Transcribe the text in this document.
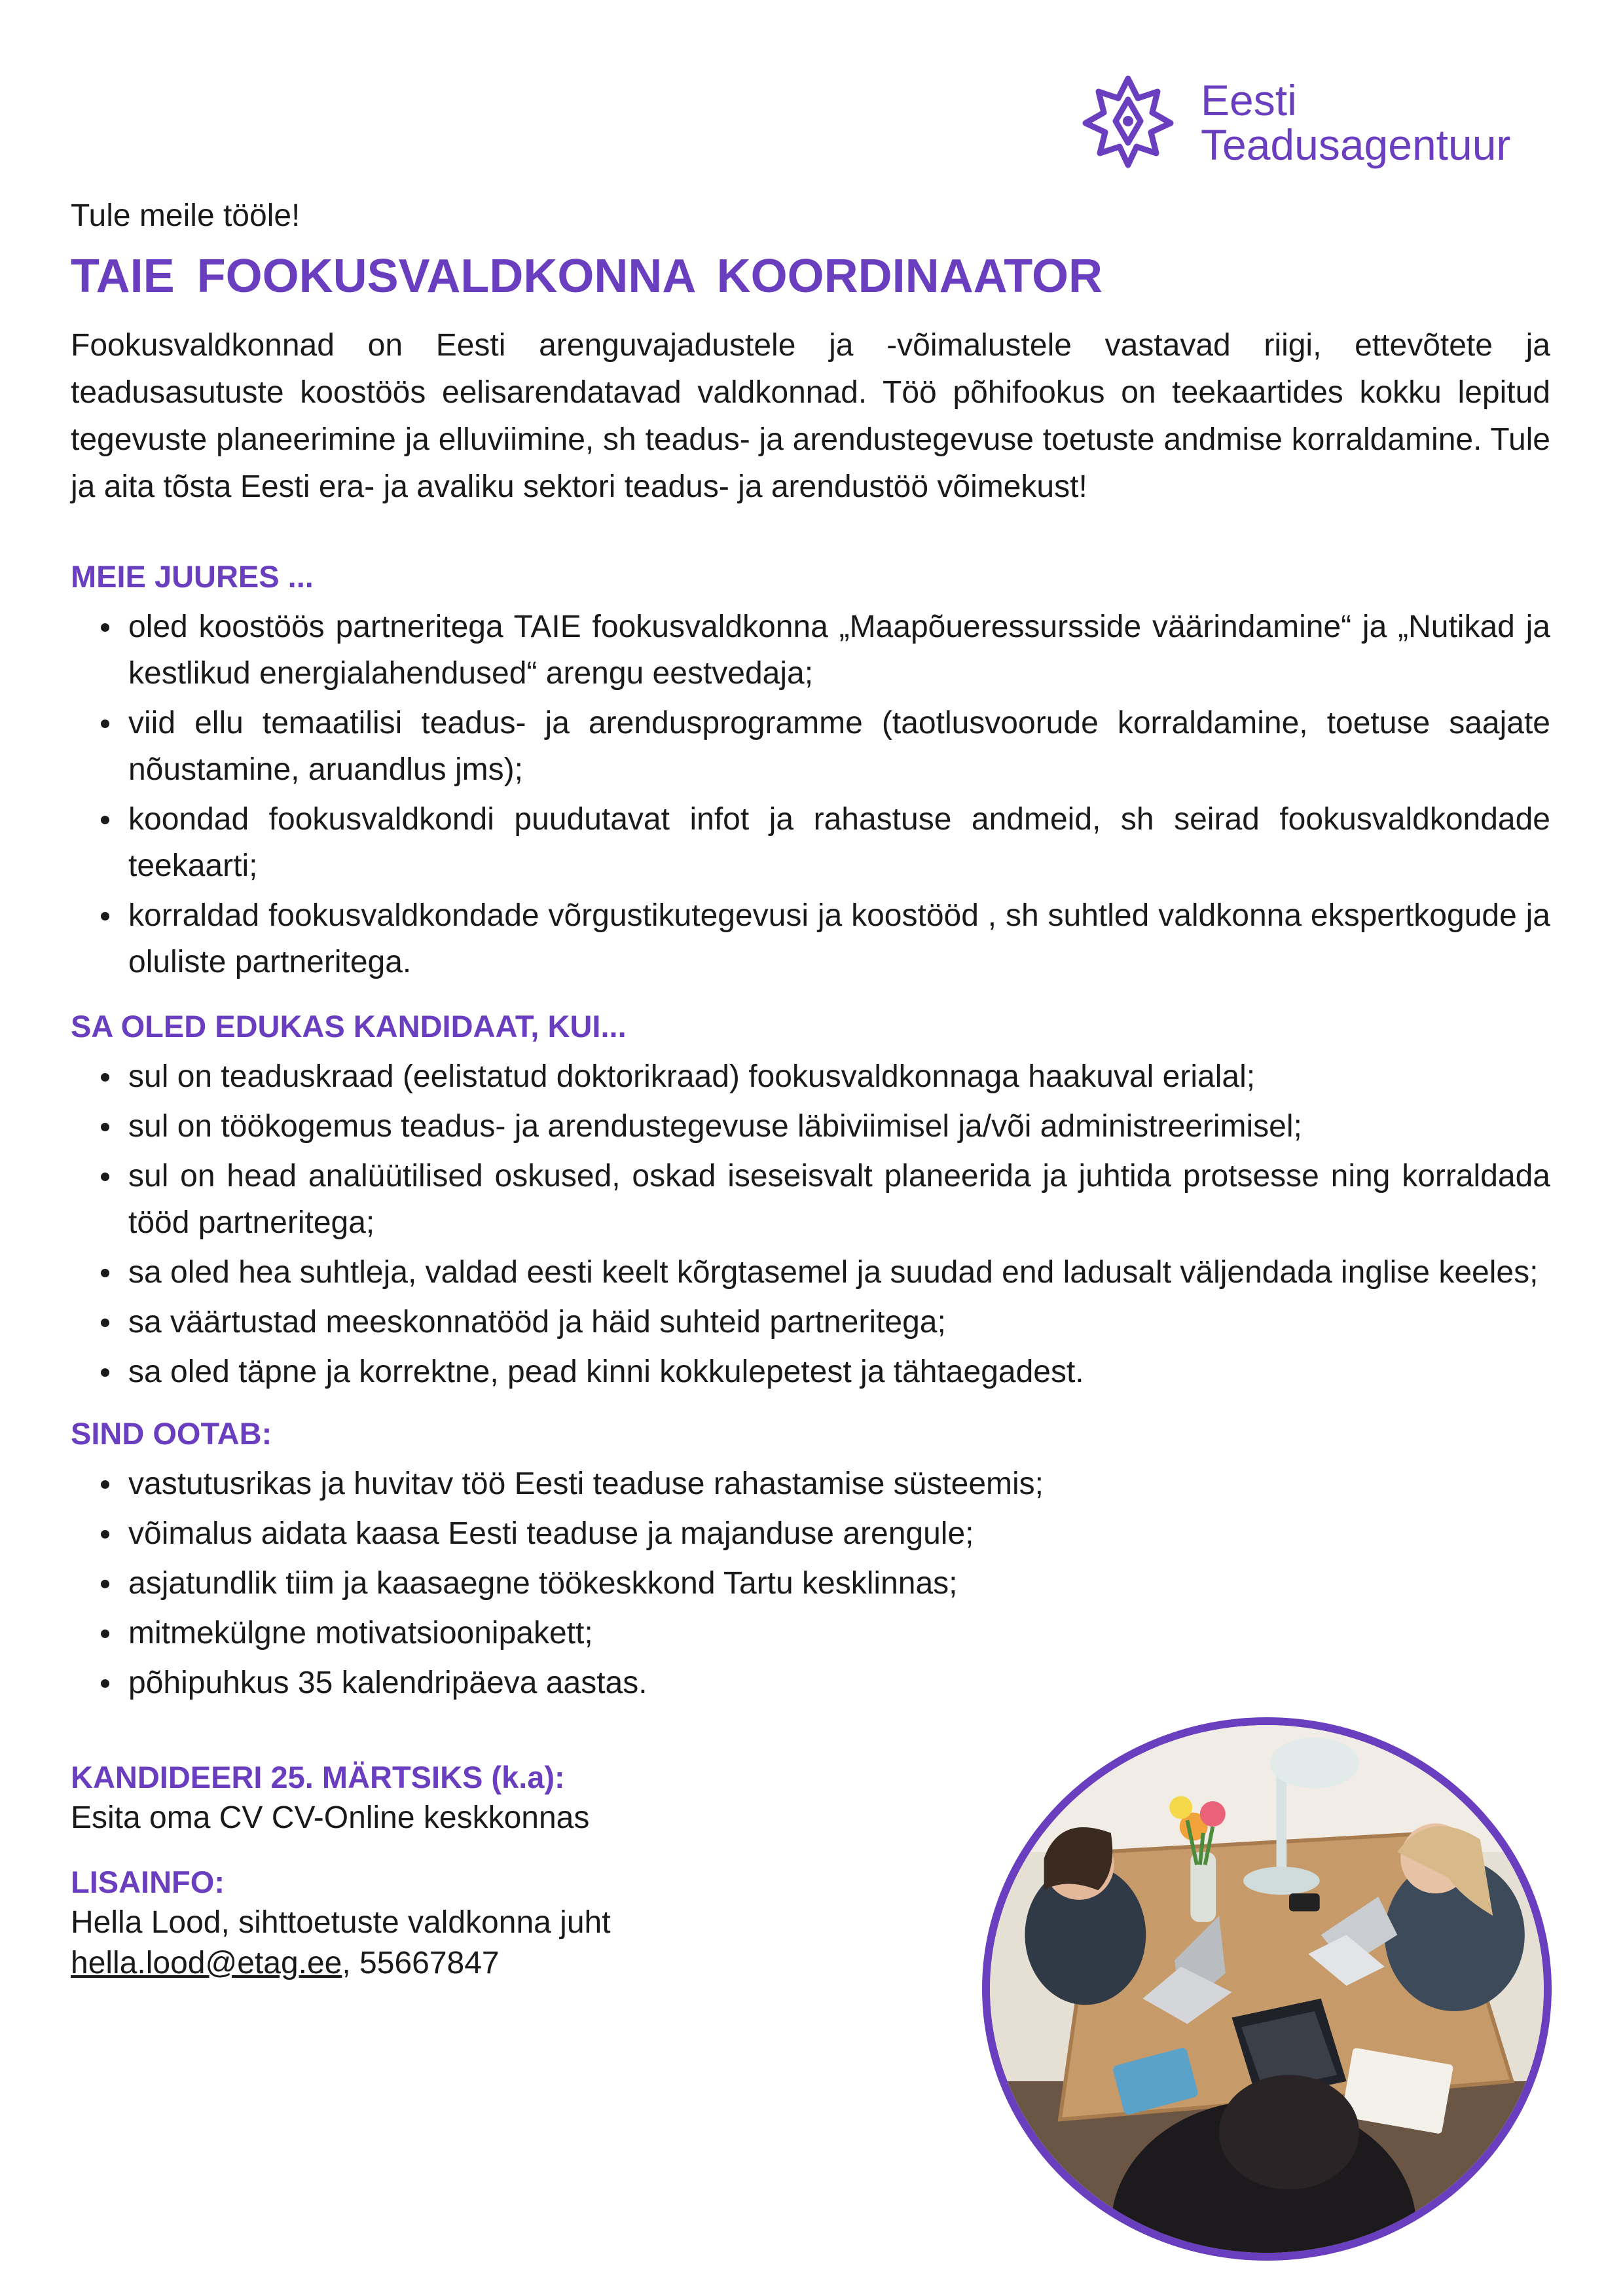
Eesti
Teadusagentuur

Tule meile tööle!

TAIE FOOKUSVALDKONNA KOORDINAATOR

Fookusvaldkonnad on Eesti arenguvajadustele ja -võimalustele vastavad riigi, ettevõtete ja teadusasutuste koostöös eelisarendatavad valdkonnad. Töö põhifookus on teekaartides kokku lepitud tegevuste planeerimine ja elluviimine, sh teadus- ja arendustegevuse toetuste andmise korraldamine. Tule ja aita tõsta Eesti era- ja avaliku sektori teadus- ja arendustöö võimekust!

MEIE JUURES ...
oled koostöös partneritega TAIE fookusvaldkonna „Maapõueressursside väärindamine“ ja „Nutikad ja kestlikud energialahendused“ arengu eestvedaja;
viid ellu temaatilisi teadus- ja arendusprogramme (taotlusvoorude korraldamine, toetuse saajate nõustamine, aruandlus jms);
koondad fookusvaldkondi puudutavat infot ja rahastuse andmeid, sh seirad fookusvaldkondade teekaarti;
korraldad fookusvaldkondade võrgustikutegevusi ja koostööd , sh suhtled valdkonna ekspertkogude ja oluliste partneritega.
SA OLED EDUKAS KANDIDAAT, KUI...
sul on teaduskraad (eelistatud doktorikraad) fookusvaldkonnaga haakuval erialal;
sul on töökogemus teadus- ja arendustegevuse läbiviimisel ja/või administreerimisel;
sul on head analüütilised oskused, oskad iseseisvalt planeerida ja juhtida protsesse ning korraldada tööd partneritega;
sa oled hea suhtleja, valdad eesti keelt kõrgtasemel ja suudad end ladusalt väljendada inglise keeles;
sa väärtustad meeskonnatööd ja häid suhteid partneritega;
sa oled täpne ja korrektne, pead kinni kokkulepetest ja tähtaegadest.
SIND OOTAB:
vastutusrikas ja huvitav töö Eesti teaduse rahastamise süsteemis;
võimalus aidata kaasa Eesti teaduse ja majanduse arengule;
asjatundlik tiim ja kaasaegne töökeskkond Tartu kesklinnas;
mitmekülgne motivatsioonipakett;
põhipuhkus 35 kalendripäeva aastas.
KANDIDEERI 25. MÄRTSIKS (k.a):

Esita oma CV CV-Online keskkonnas

LISAINFO:

Hella Lood, sihttoetuste valdkonna juht

hella.lood@etag.ee, 55667847
